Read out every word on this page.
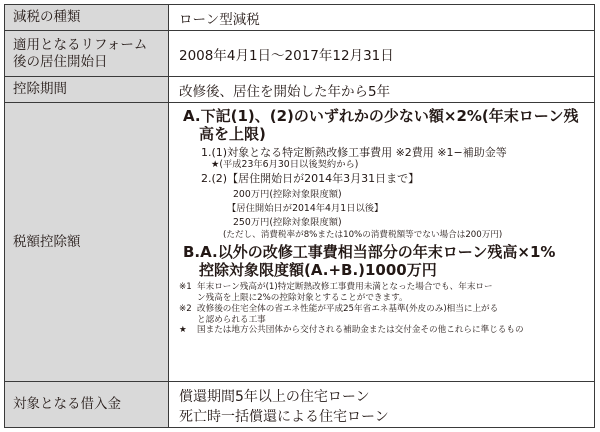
減税の種類	ローン型減税
適用となるリフォーム
後の居住開始日	2008年4月1日〜2017年12月31日
控除期間	改修後、居住を開始した年から5年
税額控除額
A.下記(1)、(2)のいずれかの少ない額×2%(年末ローン残
高を上限)
1.(1)対象となる特定断熱改修工事費用 ※2費用 ※1−補助金等
★(平成23年6月30日以後契約から)
2.(2)【居住開始日が2014年3月31日まで】
200万円(控除対象限度額)
【居住開始日が2014年4月1日以後】
250万円(控除対象限度額)
(ただし、消費税率が8%または10%の消費税額等でない場合は200万円)
B.A.以外の改修工事費相当部分の年末ローン残高×1%
控除対象限度額(A.+B.)1000万円
※1 年末ローン残高が(1)特定断熱改修工事費用未満となった場合でも、年末ロー
ン残高を上限に2%の控除対象とすることができます。
※2 改修後の住宅全体の省エネ性能が平成25年省エネ基準(外皮のみ)相当に上がる
と認められる工事
★	国または地方公共団体から交付される補助金または交付金その他これらに準じるもの
対象となる借入金	償還期間5年以上の住宅ローン
死亡時一括償還による住宅ローン
